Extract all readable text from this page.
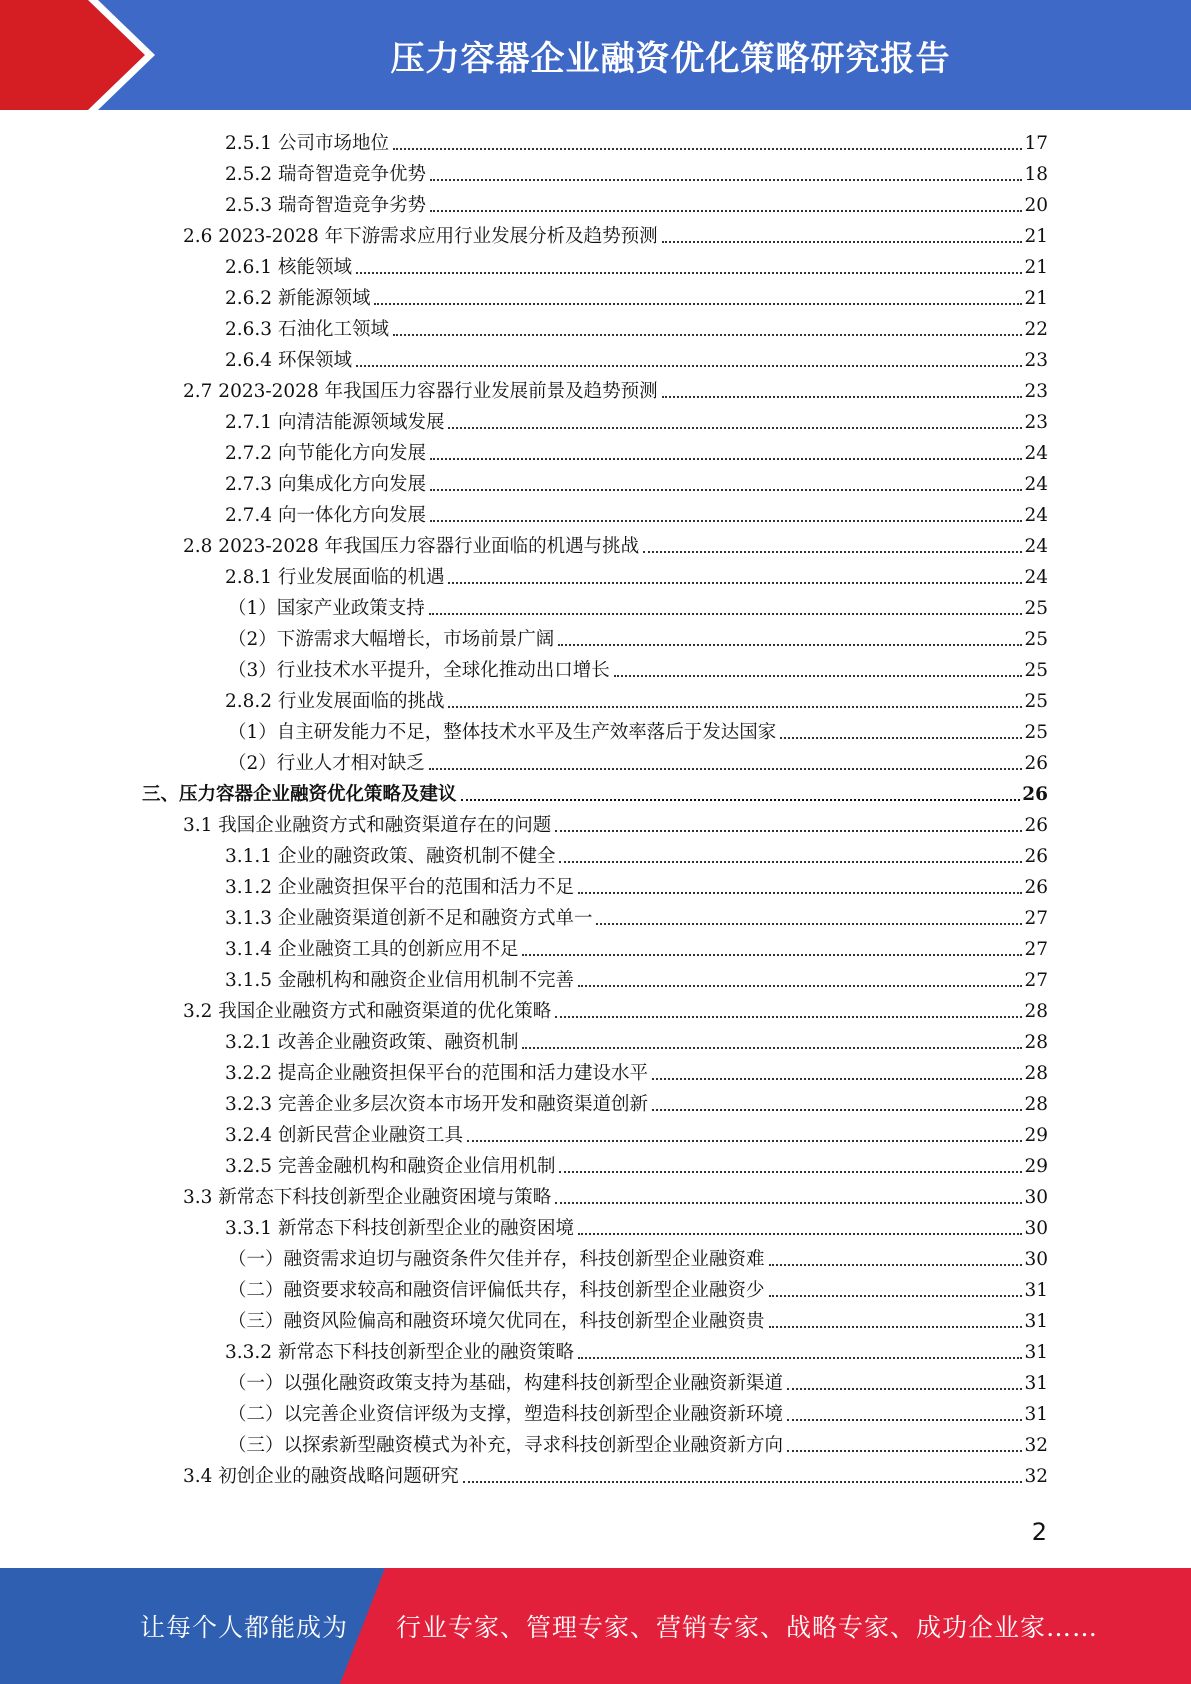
压力容器企业融资优化策略研究报告
2.5.1 公司市场地位	17
2.5.2 瑞奇智造竞争优势	18
2.5.3 瑞奇智造竞争劣势	20
2.6 2023-2028 年下游需求应用行业发展分析及趋势预测	21
2.6.1 核能领域	21
2.6.2 新能源领域	21
2.6.3 石油化工领域	22
2.6.4 环保领域	23
2.7 2023-2028 年我国压力容器行业发展前景及趋势预测	23
2.7.1 向清洁能源领域发展	23
2.7.2 向节能化方向发展	24
2.7.3 向集成化方向发展	24
2.7.4 向一体化方向发展	24
2.8 2023-2028 年我国压力容器行业面临的机遇与挑战	24
2.8.1 行业发展面临的机遇	24
（1）国家产业政策支持	25
（2）下游需求大幅增长，市场前景广阔	25
（3）行业技术水平提升，全球化推动出口增长	25
2.8.2 行业发展面临的挑战	25
（1）自主研发能力不足，整体技术水平及生产效率落后于发达国家	25
（2）行业人才相对缺乏	26
三、压力容器企业融资优化策略及建议	26
3.1 我国企业融资方式和融资渠道存在的问题	26
3.1.1 企业的融资政策、融资机制不健全	26
3.1.2 企业融资担保平台的范围和活力不足	26
3.1.3 企业融资渠道创新不足和融资方式单一	27
3.1.4 企业融资工具的创新应用不足	27
3.1.5 金融机构和融资企业信用机制不完善	27
3.2 我国企业融资方式和融资渠道的优化策略	28
3.2.1 改善企业融资政策、融资机制	28
3.2.2 提高企业融资担保平台的范围和活力建设水平	28
3.2.3 完善企业多层次资本市场开发和融资渠道创新	28
3.2.4 创新民营企业融资工具	29
3.2.5 完善金融机构和融资企业信用机制	29
3.3 新常态下科技创新型企业融资困境与策略	30
3.3.1 新常态下科技创新型企业的融资困境	30
（一）融资需求迫切与融资条件欠佳并存，科技创新型企业融资难	30
（二）融资要求较高和融资信评偏低共存，科技创新型企业融资少	31
（三）融资风险偏高和融资环境欠优同在，科技创新型企业融资贵	31
3.3.2 新常态下科技创新型企业的融资策略	31
（一）以强化融资政策支持为基础，构建科技创新型企业融资新渠道	31
（二）以完善企业资信评级为支撑，塑造科技创新型企业融资新环境	31
（三）以探索新型融资模式为补充，寻求科技创新型企业融资新方向	32
3.4 初创企业的融资战略问题研究	32
2
让每个人都能成为 行业专家、管理专家、营销专家、战略专家、成功企业家……
